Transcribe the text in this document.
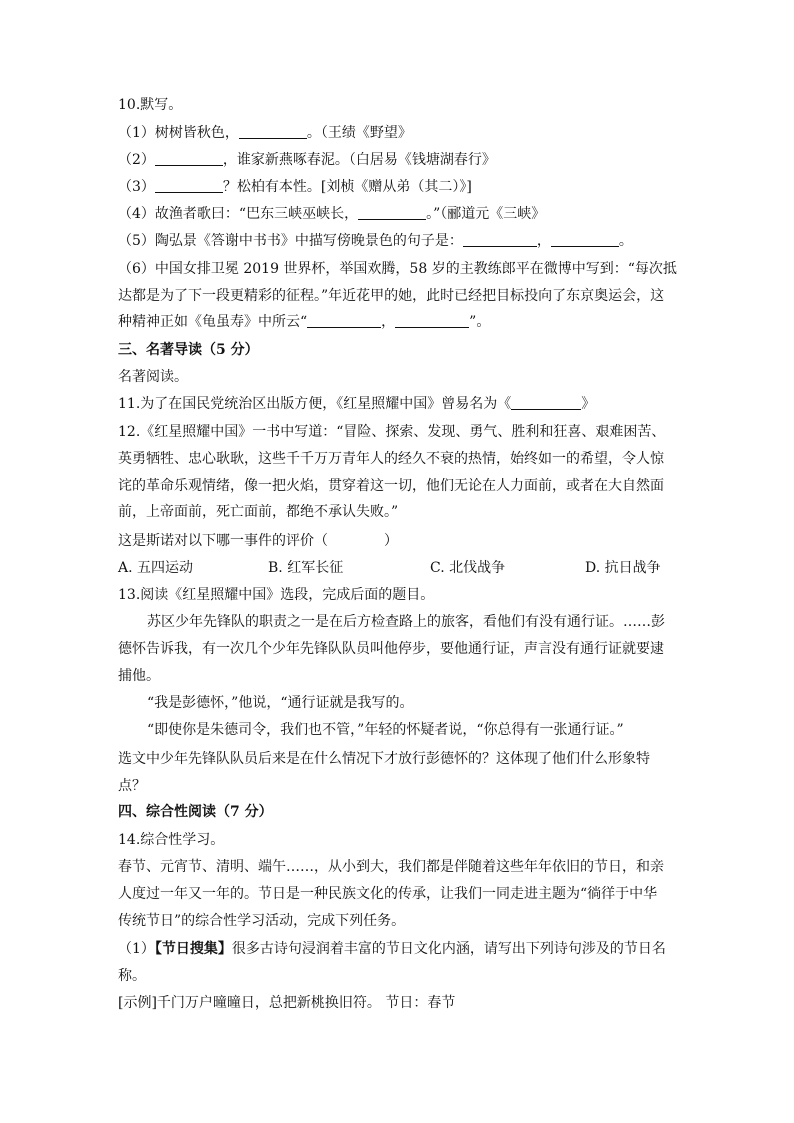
10.默写。
（1）树树皆秋色，	。（王绩《野望》
（2）	，谁家新燕啄春泥。（白居易《钱塘湖春行》
（3）	？松柏有本性。[刘桢《赠从弟（其二）》]
（4）故渔者歌曰：“巴东三峡巫峡长，	。”（郦道元《三峡》
（5）陶弘景《答谢中书书》中描写傍晚景色的句子是：	，	。
（6）中国女排卫冕 2019 世界杯，举国欢腾，58 岁的主教练郎平在微博中写到：“每次抵
达都是为了下一段更精彩的征程。”年近花甲的她，此时已经把目标投向了东京奥运会，这
种精神正如《龟虽寿》中所云“	，	”。
三、名著导读（5 分）
名著阅读。
11.为了在国民党统治区出版方便，《红星照耀中国》曾易名为《	》
12.《红星照耀中国》一书中写道：“冒险、探索、发现、勇气、胜利和狂喜、艰难困苦、
英勇牺牲、忠心耿耿，这些千千万万青年人的经久不衰的热情，始终如一的希望，令人惊
诧的革命乐观情绪，像一把火焰，贯穿着这一切，他们无论在人力面前，或者在大自然面
前，上帝面前，死亡面前，都绝不承认失败。”
这是斯诺对以下哪一事件的评价（　　　　）
A. 五四运动	B. 红军长征	C. 北伐战争	D. 抗日战争
13.阅读《红星照耀中国》选段，完成后面的题目。
苏区少年先锋队的职责之一是在后方检查路上的旅客，看他们有没有通行证。……彭
德怀告诉我，有一次几个少年先锋队队员叫他停步，要他通行证，声言没有通行证就要逮
捕他。
“我是彭德怀，”他说，“通行证就是我写的。
“即使你是朱德司令，我们也不管，”年轻的怀疑者说，“你总得有一张通行证。”
选文中少年先锋队队员后来是在什么情况下才放行彭德怀的？这体现了他们什么形象特
点？
四、综合性阅读（7 分）
14.综合性学习。
春节、元宵节、清明、端午……，从小到大，我们都是伴随着这些年年依旧的节日，和亲
人度过一年又一年的。节日是一种民族文化的传承，让我们一同走进主题为“徜徉于中华
传统节日”的综合性学习活动，完成下列任务。
（1）【节日搜集】很多古诗句浸润着丰富的节日文化内涵，请写出下列诗句涉及的节日名
称。
[示例]千门万户曈曈日，总把新桃换旧符。 节日：春节
